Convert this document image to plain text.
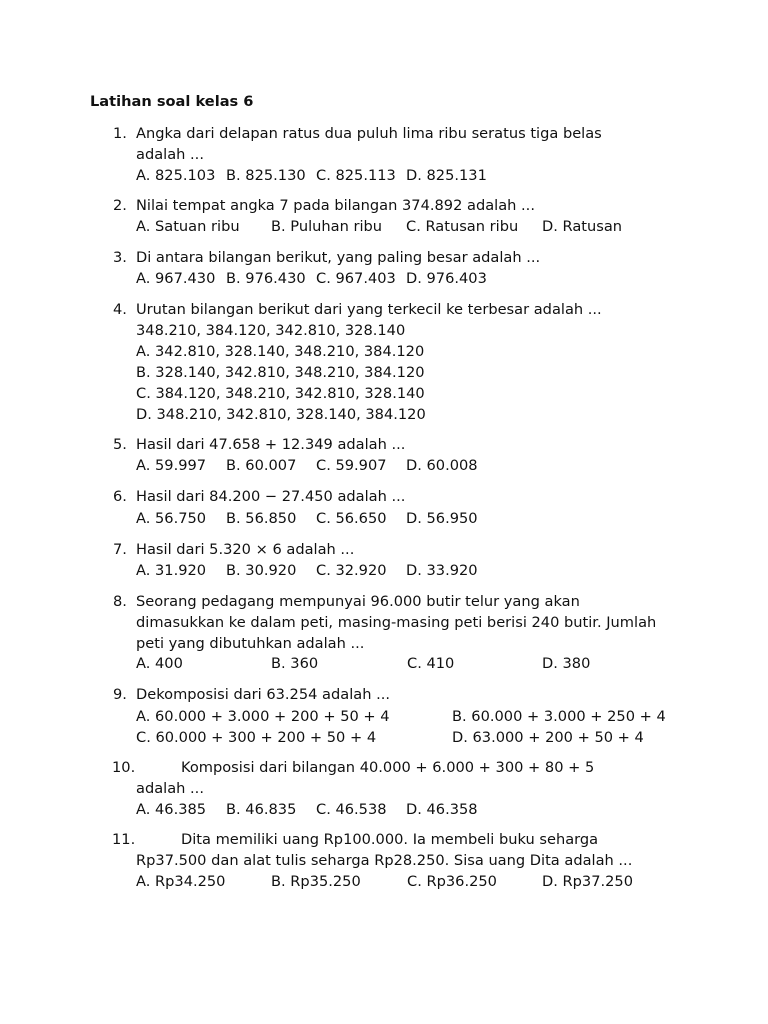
Latihan soal kelas 6
1. Angka dari delapan ratus dua puluh lima ribu seratus tiga belas
adalah ...
A. 825.103 B. 825.130 C. 825.113 D. 825.131
2. Nilai tempat angka 7 pada bilangan 374.892 adalah ...
A. Satuan ribu B. Puluhan ribu C. Ratusan ribu D. Ratusan
3. Di antara bilangan berikut, yang paling besar adalah ...
A. 967.430 B. 976.430 C. 967.403 D. 976.403
4. Urutan bilangan berikut dari yang terkecil ke terbesar adalah ...
348.210, 384.120, 342.810, 328.140
A. 342.810, 328.140, 348.210, 384.120
B. 328.140, 342.810, 348.210, 384.120
C. 384.120, 348.210, 342.810, 328.140
D. 348.210, 342.810, 328.140, 384.120
5. Hasil dari 47.658 + 12.349 adalah ...
A. 59.997 B. 60.007 C. 59.907 D. 60.008
6. Hasil dari 84.200 − 27.450 adalah ...
A. 56.750 B. 56.850 C. 56.650 D. 56.950
7. Hasil dari 5.320 × 6 adalah ...
A. 31.920 B. 30.920 C. 32.920 D. 33.920
8. Seorang pedagang mempunyai 96.000 butir telur yang akan
dimasukkan ke dalam peti, masing-masing peti berisi 240 butir. Jumlah
peti yang dibutuhkan adalah ...
A. 400	B. 360	C. 410	D. 380
9. Dekomposisi dari 63.254 adalah ...
A. 60.000 + 3.000 + 200 + 50 + 4	B. 60.000 + 3.000 + 250 + 4
C. 60.000 + 300 + 200 + 50 + 4	D. 63.000 + 200 + 50 + 4
10.	Komposisi dari bilangan 40.000 + 6.000 + 300 + 80 + 5
adalah ...
A. 46.385 B. 46.835 C. 46.538 D. 46.358
11.	Dita memiliki uang Rp100.000. Ia membeli buku seharga
Rp37.500 dan alat tulis seharga Rp28.250. Sisa uang Dita adalah ...
A. Rp34.250	B. Rp35.250	C. Rp36.250	D. Rp37.250
